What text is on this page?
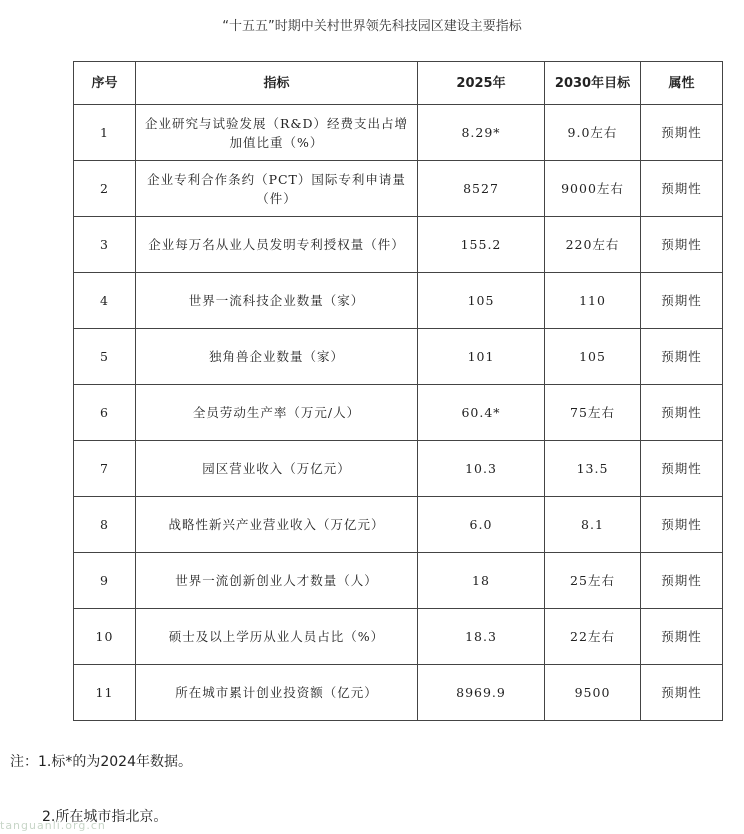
“十五五”时期中关村世界领先科技园区建设主要指标
序号	指标	2025年	2030年目标	属性
1	企业研究与试验发展（R&D）经费支出占增加值比重（%）	8.29*	9.0左右	预期性
2	企业专利合作条约（PCT）国际专利申请量（件）	8527	9000左右	预期性
3	企业每万名从业人员发明专利授权量（件）	155.2	220左右	预期性
4	世界一流科技企业数量（家）	105	110	预期性
5	独角兽企业数量（家）	101	105	预期性
6	全员劳动生产率（万元/人）	60.4*	75左右	预期性
7	园区营业收入（万亿元）	10.3	13.5	预期性
8	战略性新兴产业营业收入（万亿元）	6.0	8.1	预期性
9	世界一流创新创业人才数量（人）	18	25左右	预期性
10	硕士及以上学历从业人员占比（%）	18.3	22左右	预期性
11	所在城市累计创业投资额（亿元）	8969.9	9500	预期性
注：1.标*的为2024年数据。
2.所在城市指北京。
tanguanli.org.cn
